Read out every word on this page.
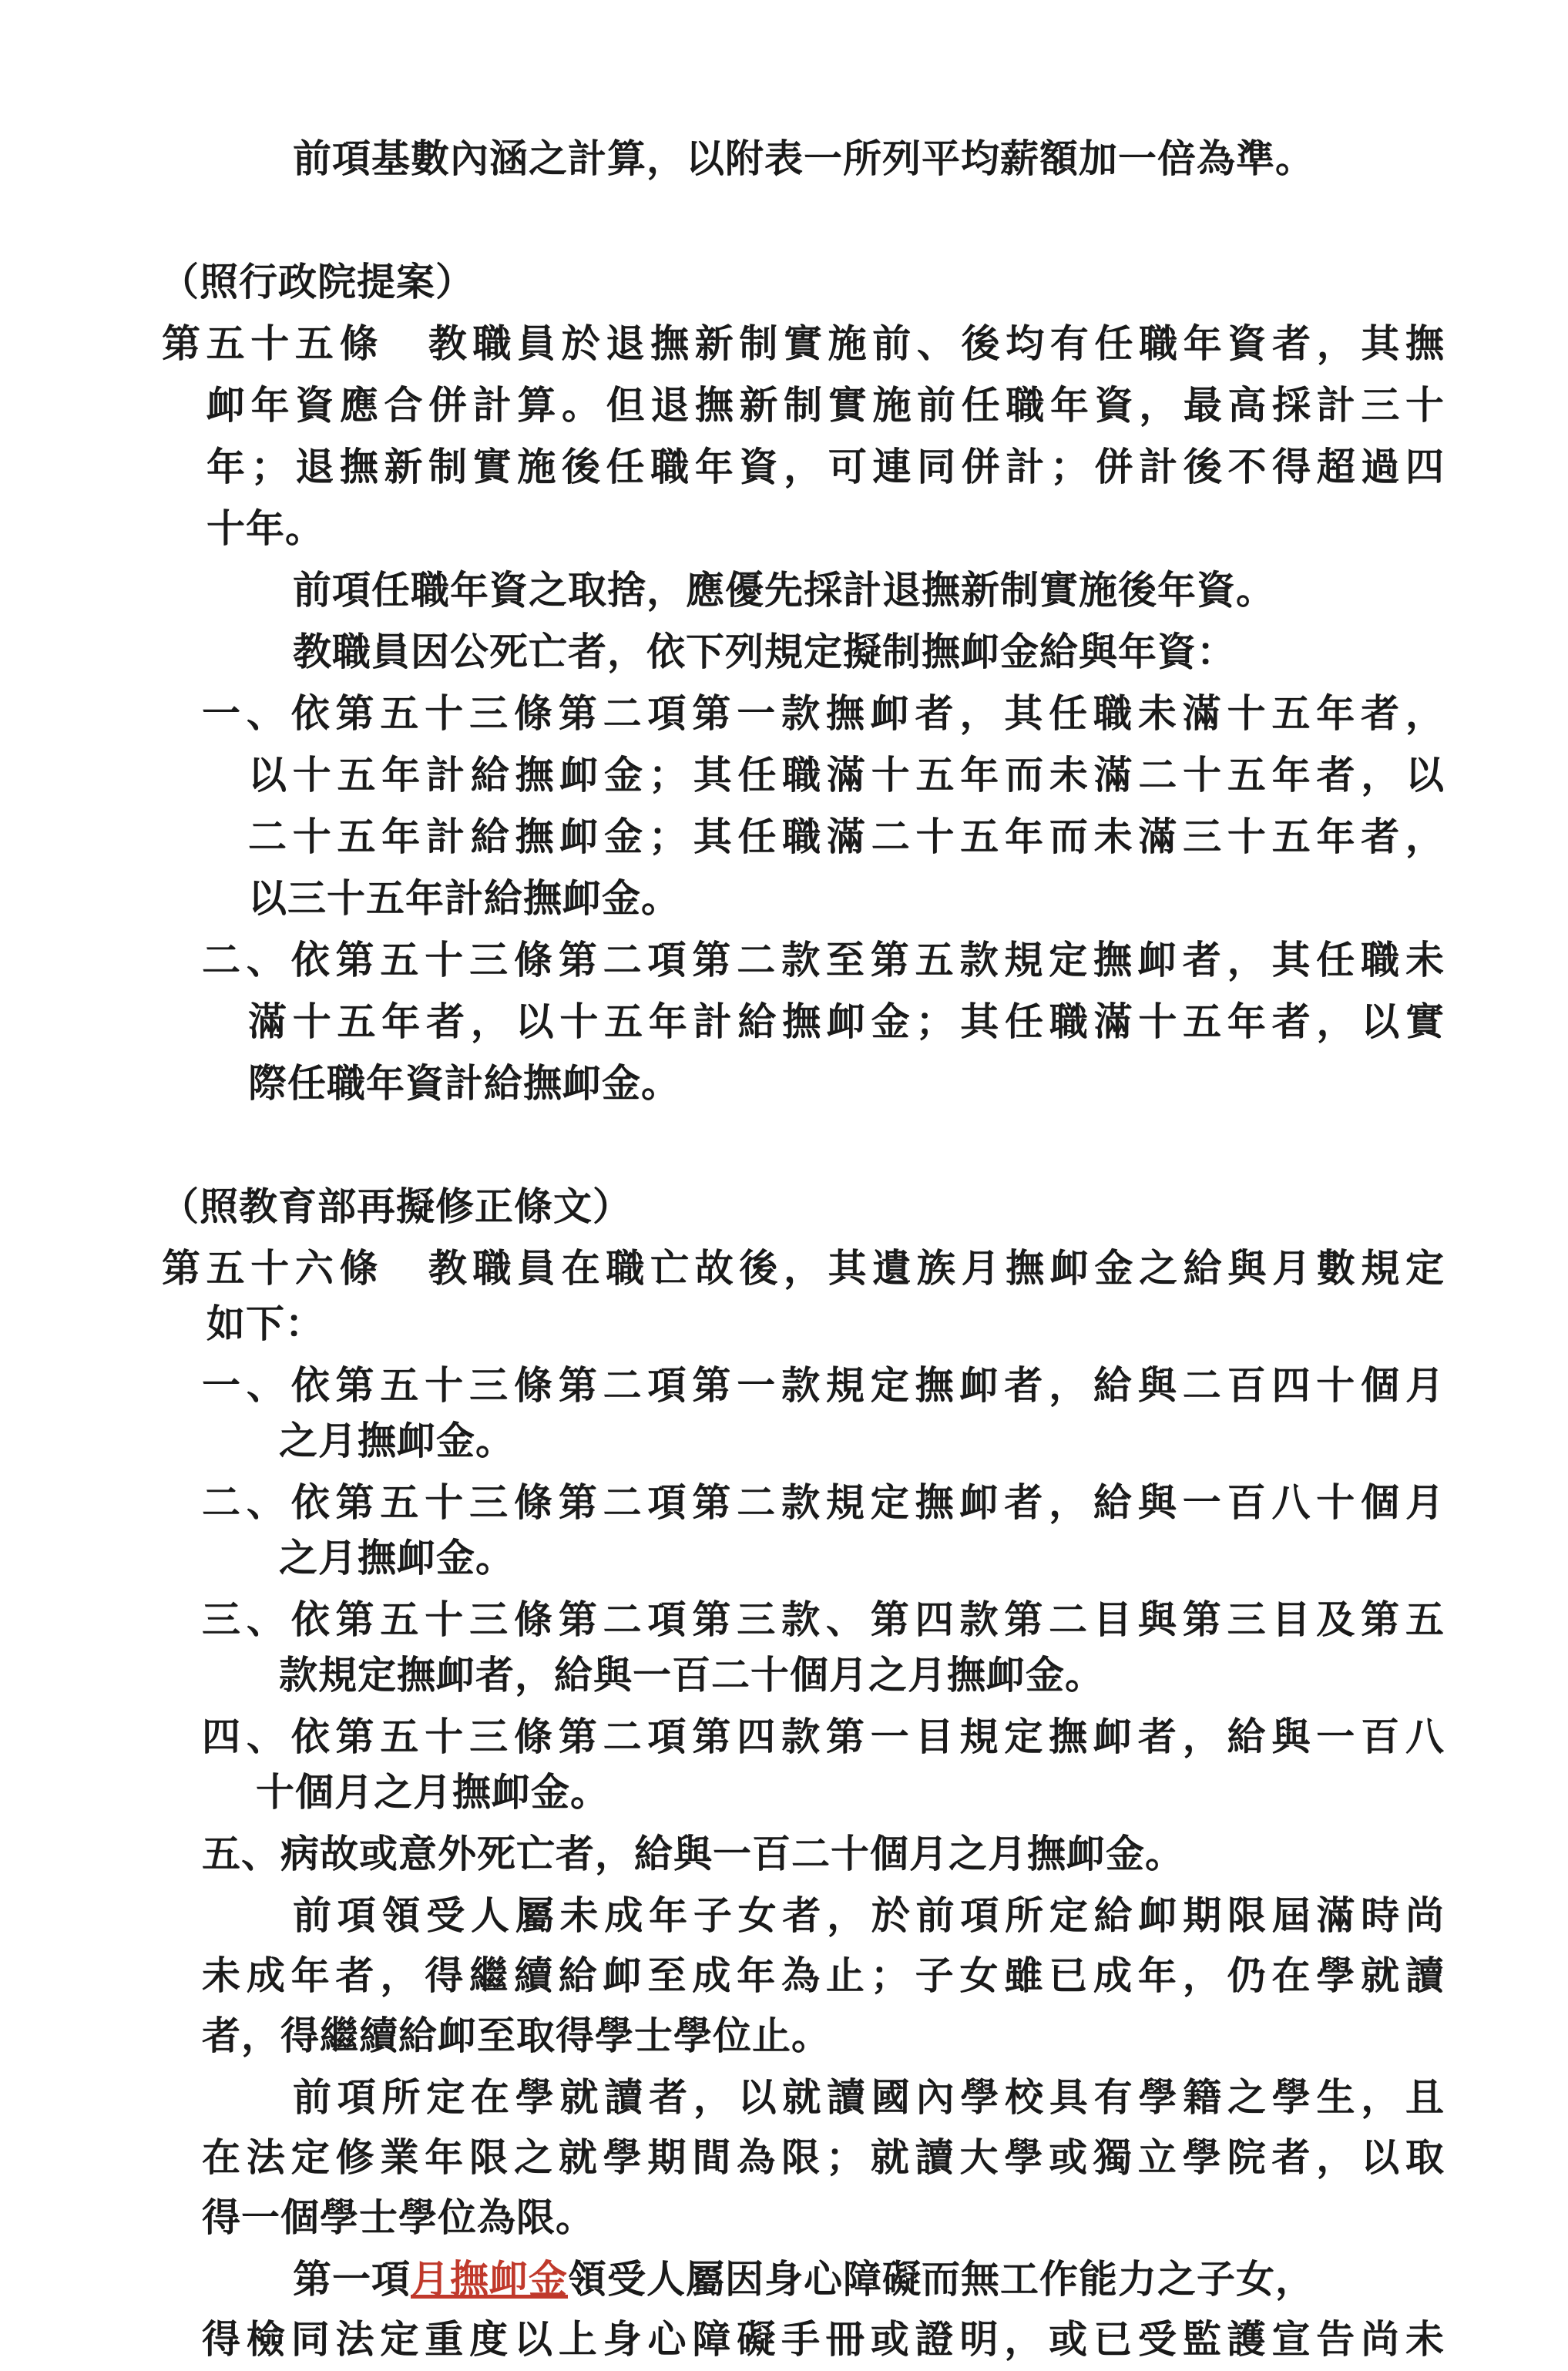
前項基數內涵之計算，以附表一所列平均薪額加一倍為準。
（照行政院提案）
第五十五條　教職員於退撫新制實施前、後均有任職年資者，其撫
卹年資應合併計算。但退撫新制實施前任職年資，最高採計三十
年；退撫新制實施後任職年資，可連同併計；併計後不得超過四
十年。
前項任職年資之取捨，應優先採計退撫新制實施後年資。
教職員因公死亡者，依下列規定擬制撫卹金給與年資：
一、依第五十三條第二項第一款撫卹者，其任職未滿十五年者，
以十五年計給撫卹金；其任職滿十五年而未滿二十五年者，以
二十五年計給撫卹金；其任職滿二十五年而未滿三十五年者，
以三十五年計給撫卹金。
二、依第五十三條第二項第二款至第五款規定撫卹者，其任職未
滿十五年者，以十五年計給撫卹金；其任職滿十五年者，以實
際任職年資計給撫卹金。
（照教育部再擬修正條文）
第五十六條　教職員在職亡故後，其遺族月撫卹金之給與月數規定
如下：
一、依第五十三條第二項第一款規定撫卹者，給與二百四十個月
之月撫卹金。
二、依第五十三條第二項第二款規定撫卹者，給與一百八十個月
之月撫卹金。
三、依第五十三條第二項第三款、第四款第二目與第三目及第五
款規定撫卹者，給與一百二十個月之月撫卹金。
四、依第五十三條第二項第四款第一目規定撫卹者，給與一百八
十個月之月撫卹金。
五、病故或意外死亡者，給與一百二十個月之月撫卹金。
前項領受人屬未成年子女者，於前項所定給卹期限屆滿時尚
未成年者，得繼續給卹至成年為止；子女雖已成年，仍在學就讀
者，得繼續給卹至取得學士學位止。
前項所定在學就讀者，以就讀國內學校具有學籍之學生，且
在法定修業年限之就學期間為限；就讀大學或獨立學院者，以取
得一個學士學位為限。
第一項月撫卹金領受人屬因身心障礙而無工作能力之子女，
得檢同法定重度以上身心障礙手冊或證明，或已受監護宣告尚未
